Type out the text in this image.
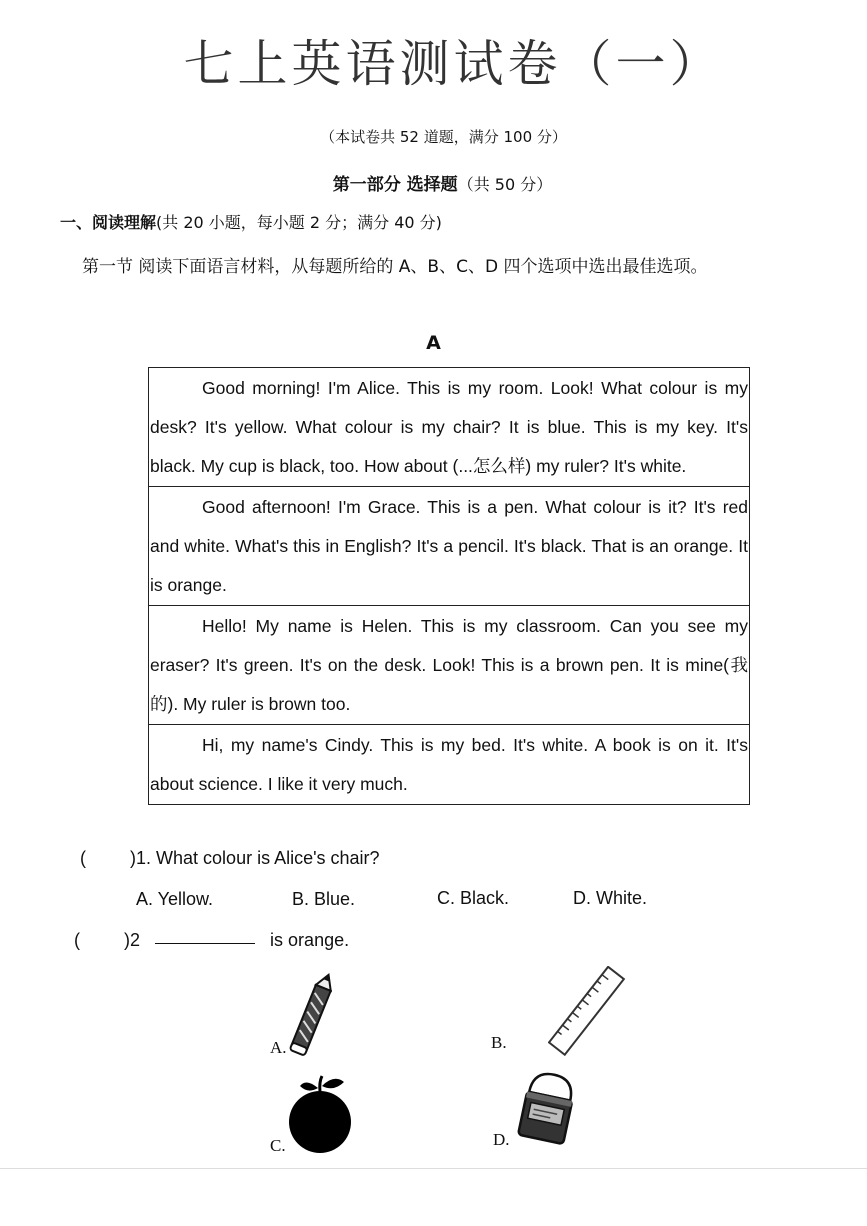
七上英语测试卷（一）
（本试卷共 52 道题，满分 100 分）
第一部分 选择题（共 50 分）
一、阅读理解(共 20 小题，每小题 2 分；满分 40 分)
第一节 阅读下面语言材料，从每题所给的 A、B、C、D 四个选项中选出最佳选项。
A
Good morning! I'm Alice. This is my room. Look! What colour is my desk? It's yellow. What colour is my chair? It is blue. This is my key. It's black. My cup is black, too. How about (...怎么样) my ruler? It's white.
Good afternoon! I'm Grace. This is a pen. What colour is it? It's red and white. What's this in English? It's a pencil. It's black. That is an orange. It is orange.
Hello! My name is Helen. This is my classroom. Can you see my eraser? It's green. It's on the desk. Look! This is a brown pen. It is mine(我的). My ruler is brown too.
Hi, my name's Cindy. This is my bed. It's white. A book is on it. It's about science. I like it very much.
( )1. What colour is Alice's chair?
A. Yellow.	B. Blue.	C. Black.	D. White.
( )2	is orange.
A.	B.
C.	D.
